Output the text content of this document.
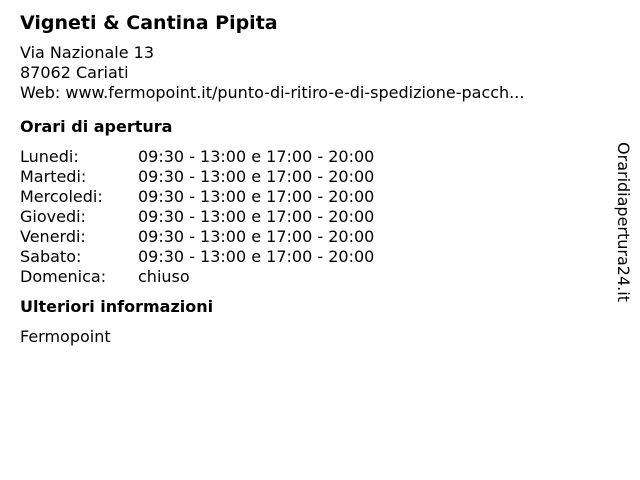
Vigneti & Cantina Pipita
Via Nazionale 13
87062 Cariati
Web: www.fermopoint.it/punto-di-ritiro-e-di-spedizione-pacch...
Orari di apertura
Lunedi:	09:30 - 13:00 e 17:00 - 20:00
Martedi:	09:30 - 13:00 e 17:00 - 20:00
Mercoledi:	09:30 - 13:00 e 17:00 - 20:00
Giovedi:	09:30 - 13:00 e 17:00 - 20:00
Venerdi:	09:30 - 13:00 e 17:00 - 20:00
Sabato:	09:30 - 13:00 e 17:00 - 20:00
Domenica:	chiuso
Ulteriori informazioni
Fermopoint
Oraridiapertura24.it
